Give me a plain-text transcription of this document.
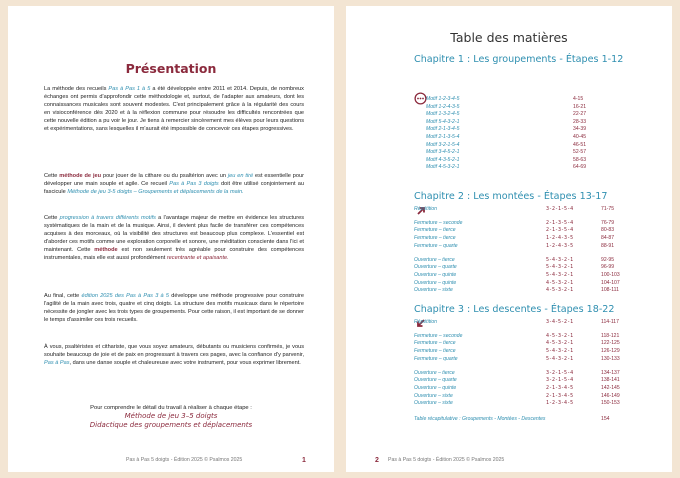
Présentation

La méthode des recueils Pas à Pas 1 à 5 a été développée entre 2011 et 2014. Depuis, de nombreux échanges ont permis d'approfondir cette méthodologie et, surtout, de l'adapter aux amateurs, dont les connaissances musicales sont souvent modestes. C'est principalement grâce à la régularité des cours en visioconférence dès 2020 et à la réflexion commune pour résoudre les difficultés rencontrées que cette nouvelle édition a pu voir le jour. Je tiens à remercier sincèrement mes élèves pour leurs questions et expérimentations, sans lesquelles il m'aurait été impossible de concevoir ces étapes progressives.

Cette méthode de jeu pour jouer de la cithare ou du psaltérion avec un jeu en tiré est essentielle pour développer une main souple et agile. Ce recueil Pas à Pas 3 doigts doit être utilisé conjointement au fascicule Méthode de jeu 3-5 doigts – Groupements et déplacements de la main.

Cette progression à travers différents motifs a l'avantage majeur de mettre en évidence les structures systématiques de la main et de la musique. Ainsi, il devient plus facile de transférer ces compétences acquises à des morceaux, où la visibilité des structures est beaucoup plus complexe. L'essentiel est d'aborder ces motifs comme une exploration corporelle et sonore, une méditation consciente dans l'ici et maintenant. Cette méthode est non seulement très agréable pour construire des compétences instrumentales, mais elle est aussi profondément recentrante et apaisante.

Au final, cette édition 2025 des Pas à Pas 3 à 5 développe une méthode progressive pour construire l'agilité de la main avec trois, quatre et cinq doigts. La structure des motifs musicaux dans le répertoire nécessite de jongler avec les trois types de groupements. Pour cette raison, il est important de se donner le temps d'assimiler ces trois recueils.

À vous, psaltéristes et cithariste, que vous soyez amateurs, débutants ou musiciens confirmés, je vous souhaite beaucoup de joie et de paix en progressant à travers ces pages, avec la confiance d'y parvenir, Pas à Pas, dans une danse souple et chaleureuse avec votre instrument, pour vous exprimer librement.

Pour comprendre le détail du travail à réaliser à chaque étape :
Méthode de jeu 3–5 doigts
Didactique des groupements et déplacements
Pas à Pas 5 doigts - Édition 2025 © Psalmos 2025	1
Table des matières
Chapitre 1 : Les groupements - Étapes 1-12
Motif 1-2-3-4-5	4-15
Motif 1-2-4-3-5	16-21
Motif 1-3-2-4-5	22-27
Motif 5-4-3-2-1	28-33
Motif 2-1-3-4-5	34-39
Motif 2-1-3-5-4	40-45
Motif 3-2-1-5-4	46-51
Motif 3-4-5-2-1	52-57
Motif 4-3-5-2-1	58-63
Motif 4-5-3-2-1	64-69
Chapitre 2 : Les montées - Étapes 13-17
Répétition	3-2-1-5-4	71-75
Fermeture – seconde	2-1-3-5-4	76-79
Fermeture – tierce	2-1-3-5-4	80-83
Fermeture – tierce	1-2-4-3-5	84-87
Fermeture – quarte	1-2-4-3-5	88-91
Ouverture – tierce	5-4-3-2-1	92-95
Ouverture – quarte	5-4-3-2-1	96-99
Ouverture – quinte	5-4-3-2-1	100-103
Ouverture – quinte	4-5-3-2-1	104-107
Ouverture – sixte	4-5-3-2-1	108-111
Chapitre 3 : Les descentes - Étapes 18-22
Répétition	3-4-5-2-1	114-117
Fermeture – seconde	4-5-3-2-1	118-121
Fermeture – tierce	4-5-3-2-1	122-125
Fermeture – tierce	5-4-3-2-1	126-129
Fermeture – quarte	5-4-3-2-1	130-133
Ouverture – tierce	3-2-1-5-4	134-137
Ouverture – quarte	3-2-1-5-4	138-141
Ouverture – quinte	2-1-3-4-5	142-145
Ouverture – sixte	2-1-3-4-5	146-149
Ouverture – sixte	1-2-3-4-5	150-153
Table récapitulative : Groupements - Montées - Descentes	154
2 Pas à Pas 5 doigts - Édition 2025 © Psalmos 2025
